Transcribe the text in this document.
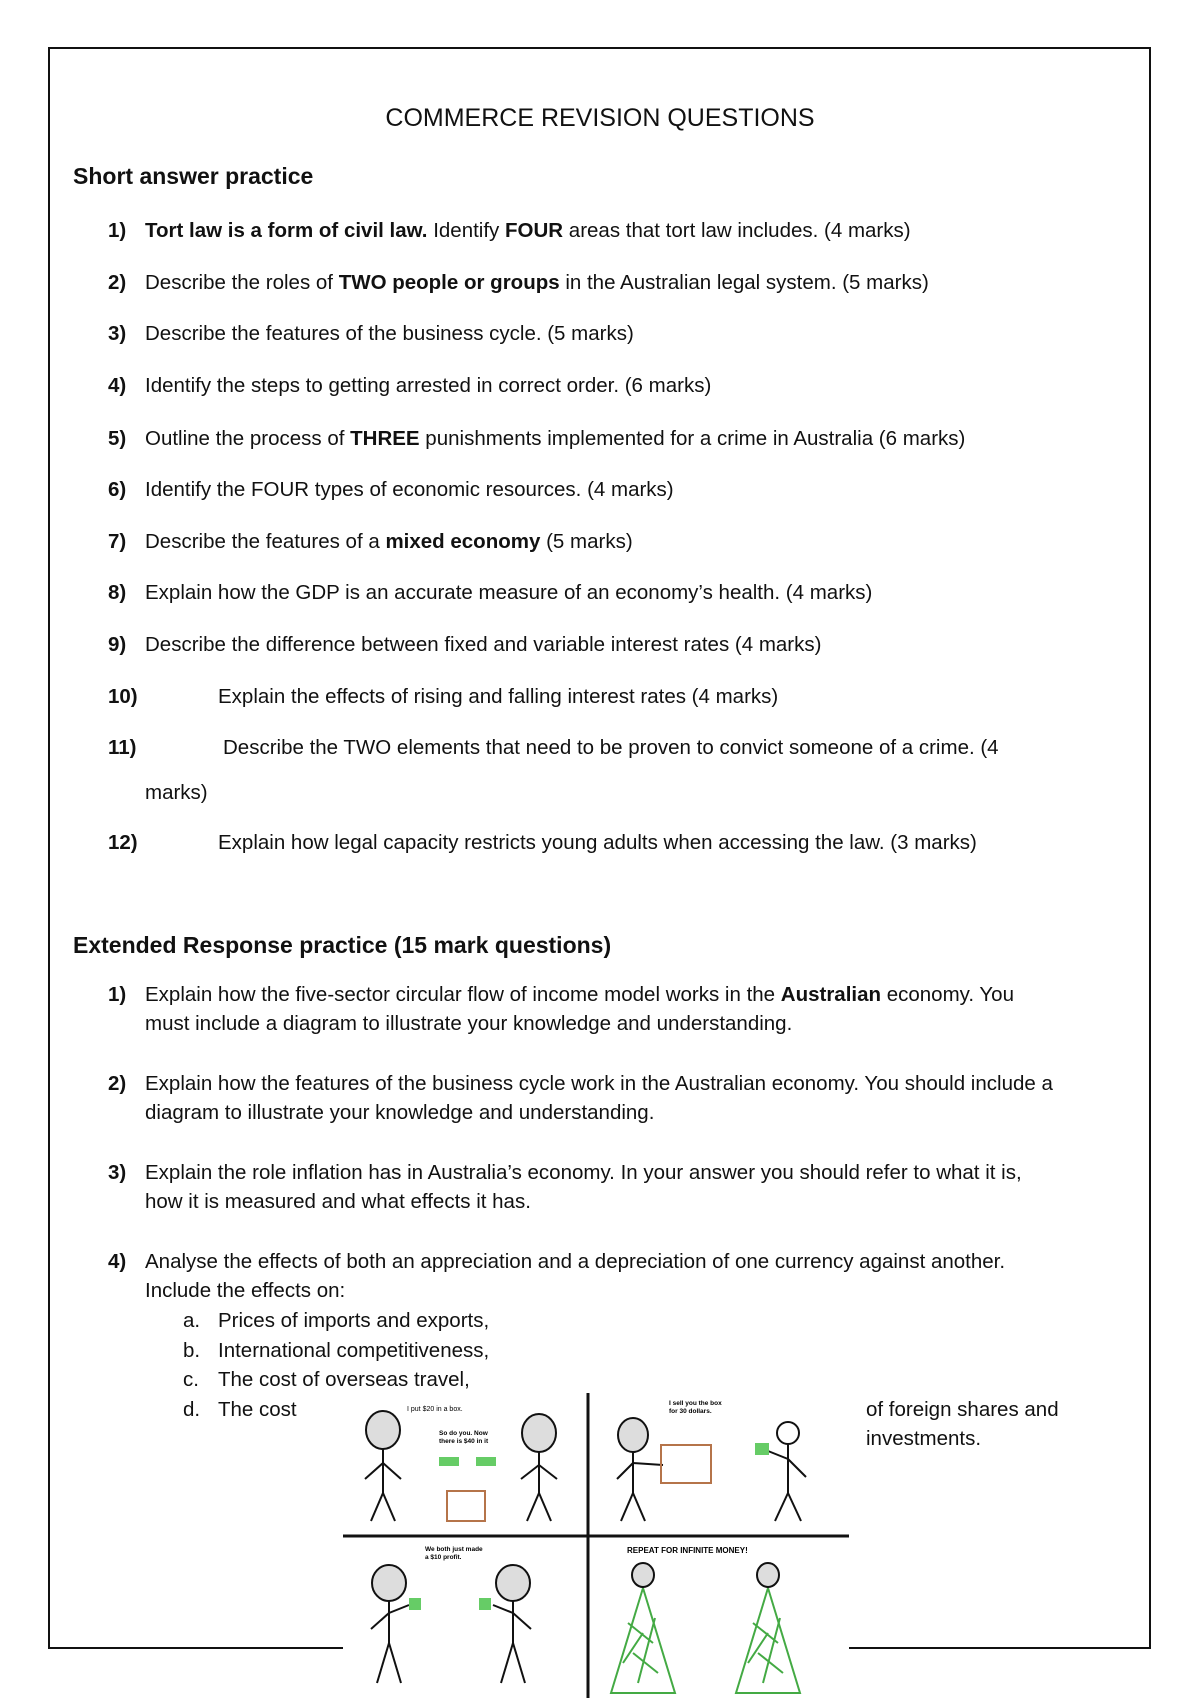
COMMERCE REVISION QUESTIONS
Short answer practice
1) Tort law is a form of civil law. Identify FOUR areas that tort law includes. (4 marks)
2) Describe the roles of TWO people or groups in the Australian legal system. (5 marks)
3) Describe the features of the business cycle. (5 marks)
4) Identify the steps to getting arrested in correct order. (6 marks)
5) Outline the process of THREE punishments implemented for a crime in Australia (6 marks)
6) Identify the FOUR types of economic resources. (4 marks)
7) Describe the features of a mixed economy (5 marks)
8) Explain how the GDP is an accurate measure of an economy’s health. (4 marks)
9) Describe the difference between fixed and variable interest rates (4 marks)
10)	Explain the effects of rising and falling interest rates (4 marks)
11)	Describe the TWO elements that need to be proven to convict someone of a crime. (4
marks)
12)	Explain how legal capacity restricts young adults when accessing the law. (3 marks)
Extended Response practice (15 mark questions)
1) Explain how the five-sector circular flow of income model works in the Australian economy. You
must include a diagram to illustrate your knowledge and understanding.
2) Explain how the features of the business cycle work in the Australian economy. You should include a
diagram to illustrate your knowledge and understanding.
3) Explain the role inflation has in Australia’s economy. In your answer you should refer to what it is,
how it is measured and what effects it has.
4) Analyse the effects of both an appreciation and a depreciation of one currency against another.
Include the effects on:
a. Prices of imports and exports,
b. International competitiveness,
c. The cost of overseas travel,
d. The cost	of foreign shares and
investments.
I put $20 in a box.
So do you. Now
there is $40 in it
I sell you the box
for 30 dollars.
We both just made
a $10 profit.
REPEAT FOR INFINITE MONEY!
